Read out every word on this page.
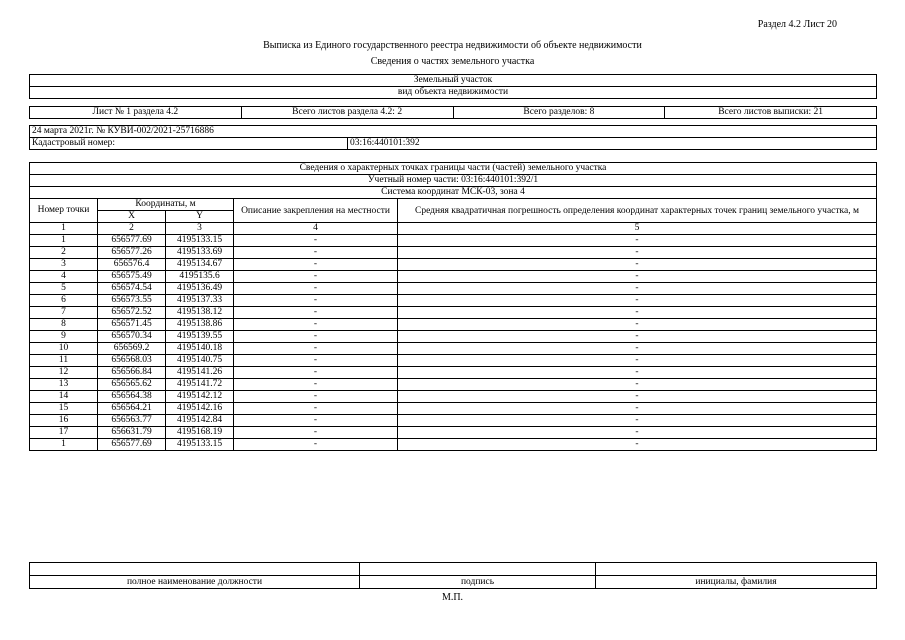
Раздел 4.2 Лист 20
Выписка из Единого государственного реестра недвижимости об объекте недвижимости
Сведения о частях земельного участка
Земельный участок
вид объекта недвижимости
Лист № 1 раздела 4.2	Всего листов раздела 4.2: 2	Всего разделов: 8	Всего листов выписки: 21
24 марта 2021г. № КУВИ-002/2021-25716886
Кадастровый номер:	03:16:440101:392
Сведения о характерных точках границы части (частей) земельного участка				
Учетный номер части: 03:16:440101:392/1				
Система координат МСК-03, зона 4				
Номер точки	Координаты, м		Описание закрепления на местности	Средняя квадратичная погрешность определения координат характерных точек границ земельного участка, м
	X	Y		
1	2	3	4	5
1	656577.69	4195133.15	-	-
2	656577.26	4195133.69	-	-
3	656576.4	4195134.67	-	-
4	656575.49	4195135.6	-	-
5	656574.54	4195136.49	-	-
6	656573.55	4195137.33	-	-
7	656572.52	4195138.12	-	-
8	656571.45	4195138.86	-	-
9	656570.34	4195139.55	-	-
10	656569.2	4195140.18	-	-
11	656568.03	4195140.75	-	-
12	656566.84	4195141.26	-	-
13	656565.62	4195141.72	-	-
14	656564.38	4195142.12	-	-
15	656564.21	4195142.16	-	-
16	656563.77	4195142.84	-	-
17	656631.79	4195168.19	-	-
1	656577.69	4195133.15	-	-

полное наименование должности	подпись	инициалы, фамилия
М.П.
